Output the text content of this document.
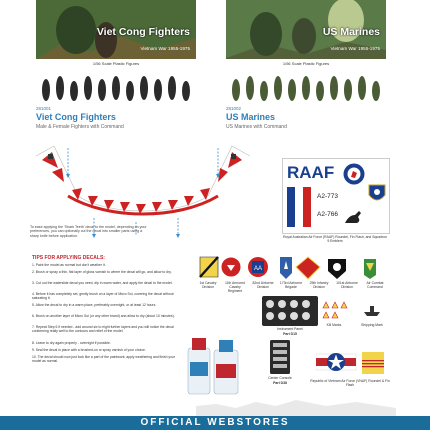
Viet Cong Fighters
Vietnam War 1955-1975
1/56 Scale Plastic Figures
US Marines
Vietnam War 1955-1975
1/56 Scale Plastic Figures
281001
Viet Cong Fighters
Male & Female Fighters with Command
281002
US Marines
US Marines with Command
To ease applying the 'Shark Teeth' decal to the model, depending on your preferences, you can optionally cut the decal into smaller parts using a sharp knife before application.
RAAF
A2-773
A2-766
Royal Australian Air Force (RAAF) Roundel, Fin Flash, and Squadron 9 Emblem
TIPS FOR APPLYING DECALS:
1. Paint the model as normal but don't weather it.
2. Brush or spray a thin, flat layer of gloss varnish to where the decal will go, and allow to dry.
3. Cut out the waterslide decal you need, dip in warm water, and apply the decal to the model.
4. Before it has completely set, gently brush on a layer of Micro Sol, covering the decal without saturating it.
5. Allow the decal to dry in a warm place, preferably overnight, or at least 12 hours.
6. Brush on another layer of Micro Sol (or any other brand) and allow to dry (about 10 minutes).
7. Repeat Step 6 if needed - add around six to eight further layers and you will notice the decal conforming really well to the contours and relief of the model.
8. Leave to dry again properly - overnight if possible.
9. Seal the decal in place with a brushed-on or spray varnish of your choice.
10. The decal should now just look like a part of the paintwork; apply weathering and finish your model as normal.
AA
1st Cavalry Division
11th Armored Cavalry Regiment
82nd Airborne Division
173rd Airborne Brigade
25th Infantry Division
101st Airborne Division
Air Combat Command
Instrument Panel
Part D15
Kill Marks	Shipping Mark
Center Console
Part D38	Republic of Vietnam Air Force (VNAF) Roundel & Fin Flash
OFFICIAL WEBSTORES
